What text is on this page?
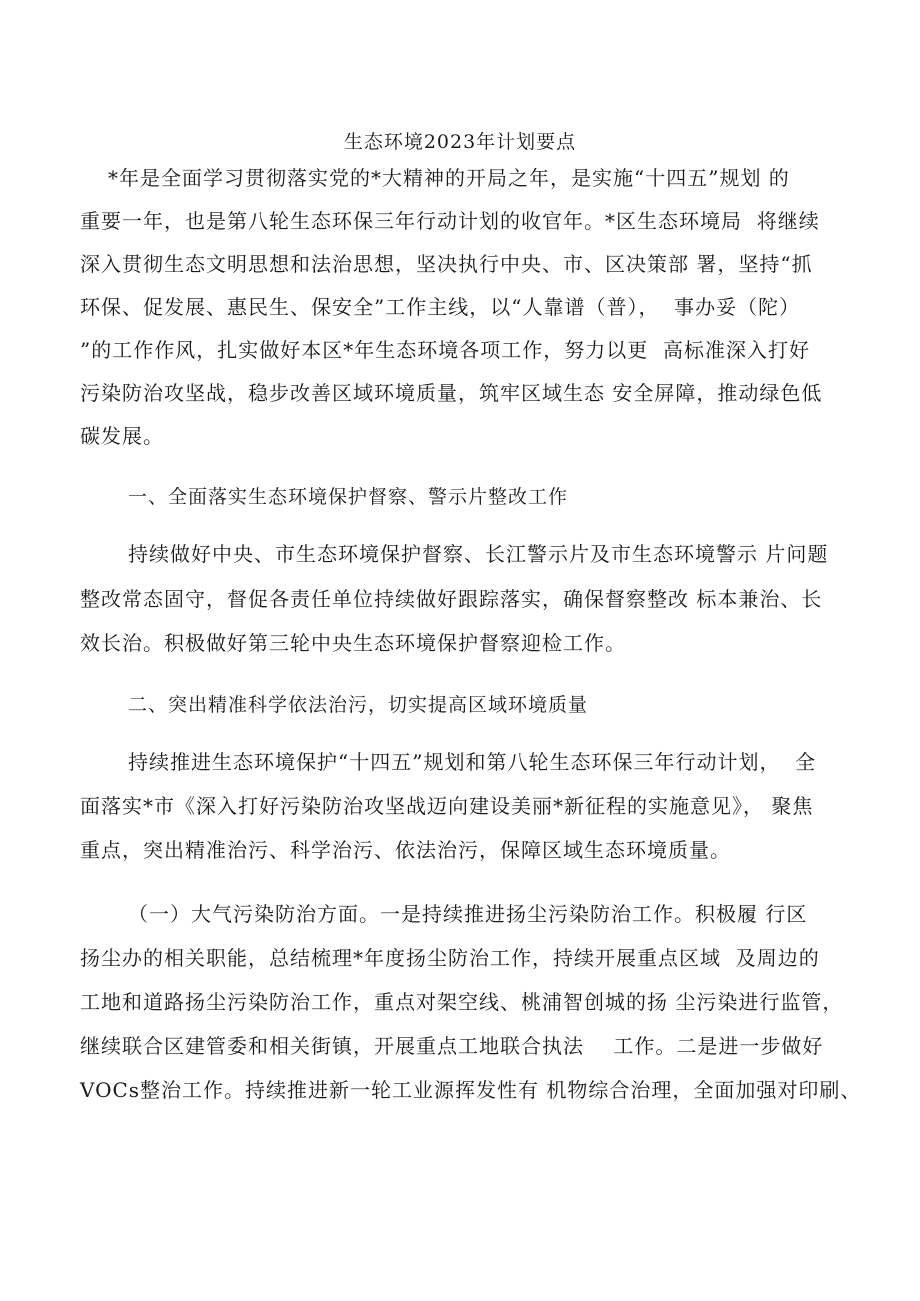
生态环境2023年计划要点
*年是全面学习贯彻落实党的*大精神的开局之年，是实施“十四五”规划 的
重要一年，也是第八轮生态环保三年行动计划的收官年。*区生态环境局  将继续
深入贯彻生态文明思想和法治思想，坚决执行中央、市、区决策部 署，坚持“抓
环保、促发展、惠民生、保安全”工作主线，以“人靠谱（普），  事办妥（陀）
”的工作作风，扎实做好本区*年生态环境各项工作，努力以更  高标准深入打好
污染防治攻坚战，稳步改善区域环境质量，筑牢区域生态 安全屏障，推动绿色低
碳发展。
一、全面落实生态环境保护督察、警示片整改工作
持续做好中央、市生态环境保护督察、长江警示片及市生态环境警示 片问题
整改常态固守，督促各责任单位持续做好跟踪落实，确保督察整改 标本兼治、长
效长治。积极做好第三轮中央生态环境保护督察迎检工作。
二、突出精准科学依法治污，切实提高区域环境质量
持续推进生态环境保护“十四五”规划和第八轮生态环保三年行动计划，  全
面落实*市《深入打好污染防治攻坚战迈向建设美丽*新征程的实施意见》， 聚焦
重点，突出精准治污、科学治污、依法治污，保障区域生态环境质量。
（一）大气污染防治方面。一是持续推进扬尘污染防治工作。积极履 行区
扬尘办的相关职能，总结梳理*年度扬尘防治工作，持续开展重点区域  及周边的
工地和道路扬尘污染防治工作，重点对架空线、桃浦智创城的扬 尘污染进行监管，
继续联合区建管委和相关街镇，开展重点工地联合执法    工作。二是进一步做好
VOCs整治工作。持续推进新一轮工业源挥发性有 机物综合治理，全面加强对印刷、
